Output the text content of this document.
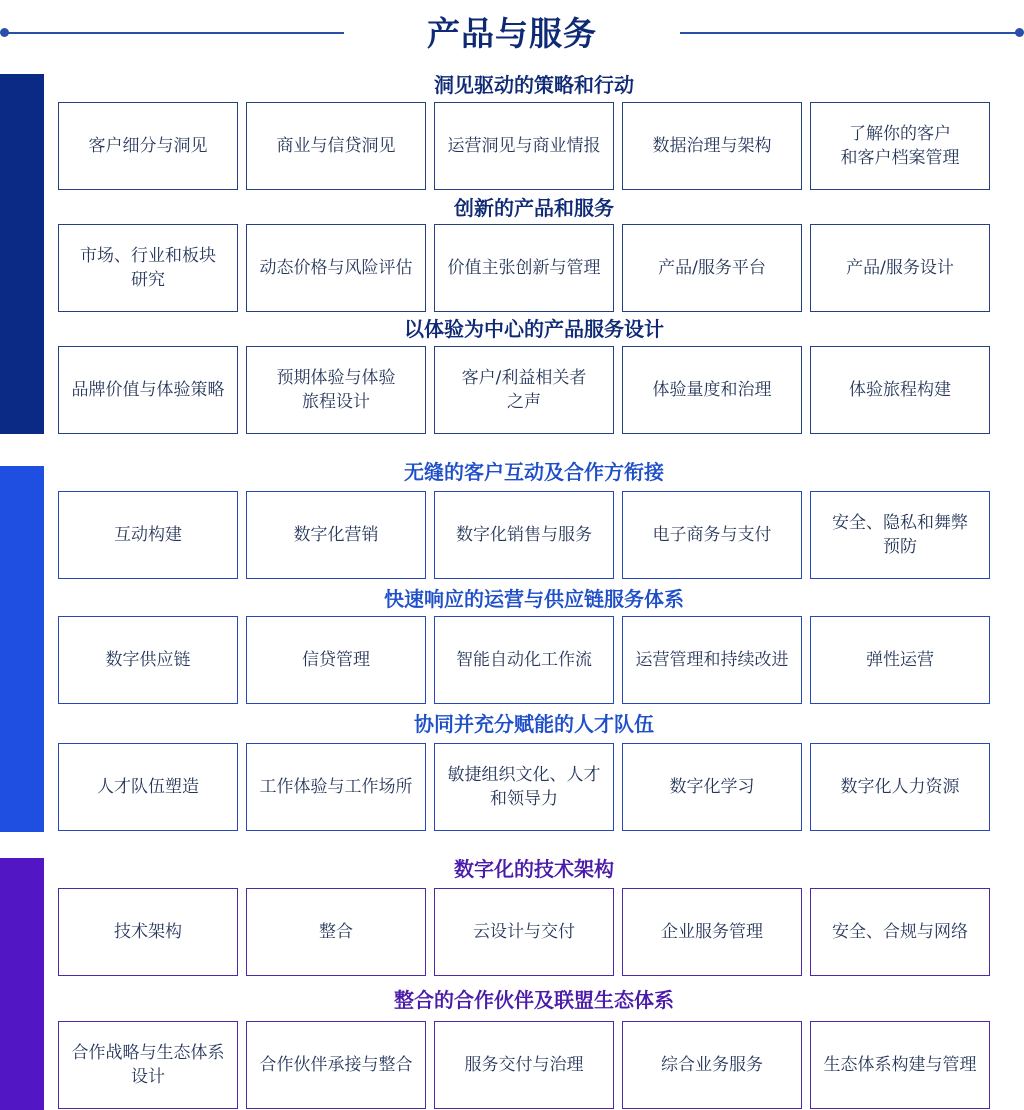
产品与服务
洞见驱动的策略和行动
客户细分与洞见	商业与信贷洞见	运营洞见与商业情报	数据治理与架构
了解你的客户
和客户档案管理
创新的产品和服务
市场、行业和板块
研究
动态价格与风险评估 价值主张创新与管理	产品/服务平台	产品/服务设计
以体验为中心的产品服务设计
品牌价值与体验策略
预期体验与体验
旅程设计
客户/利益相关者
之声
体验量度和治理	体验旅程构建
无缝的客户互动及合作方衔接
互动构建	数字化营销	数字化销售与服务	电子商务与支付
安全、隐私和舞弊
预防
快速响应的运营与供应链服务体系
数字供应链	信贷管理	智能自动化工作流	运营管理和持续改进	弹性运营
协同并充分赋能的人才队伍
人才队伍塑造	工作体验与工作场所
敏捷组织文化、人才
和领导力
数字化学习	数字化人力资源
数字化的技术架构
技术架构	整合	云设计与交付	企业服务管理	安全、合规与网络
整合的合作伙伴及联盟生态体系
合作战略与生态体系
设计
合作伙伴承接与整合	服务交付与治理	综合业务服务	生态体系构建与管理
